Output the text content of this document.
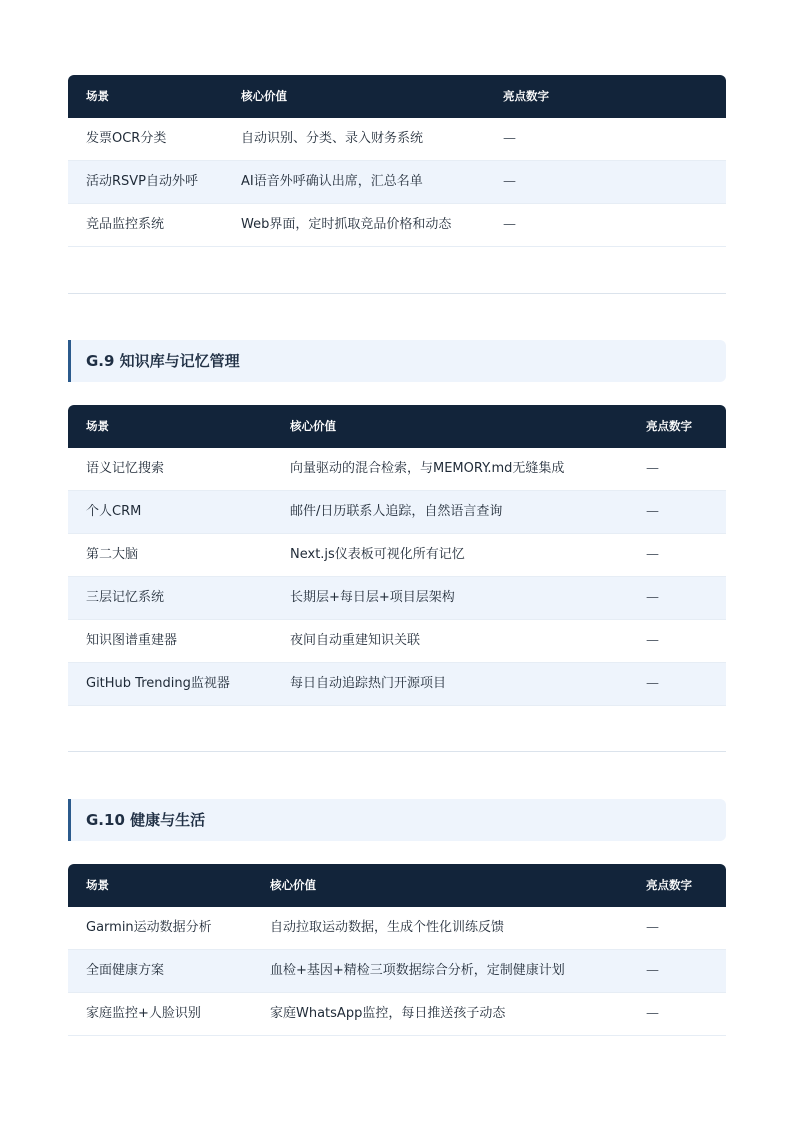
场景	核心价值	亮点数字
发票OCR分类	自动识别、分类、录入财务系统	—
活动RSVP自动外呼	AI语音外呼确认出席，汇总名单	—
竞品监控系统	Web界面，定时抓取竞品价格和动态	—
G.9 知识库与记忆管理
场景	核心价值	亮点数字
语义记忆搜索	向量驱动的混合检索，与MEMORY.md无缝集成	—
个人CRM	邮件/日历联系人追踪，自然语言查询	—
第二大脑	Next.js仪表板可视化所有记忆	—
三层记忆系统	长期层+每日层+项目层架构	—
知识图谱重建器	夜间自动重建知识关联	—
GitHub Trending监视器	每日自动追踪热门开源项目	—
G.10 健康与生活
场景	核心价值	亮点数字
Garmin运动数据分析	自动拉取运动数据，生成个性化训练反馈	—
全面健康方案	血检+基因+精检三项数据综合分析，定制健康计划	—
家庭监控+人脸识别	家庭WhatsApp监控，每日推送孩子动态	—
